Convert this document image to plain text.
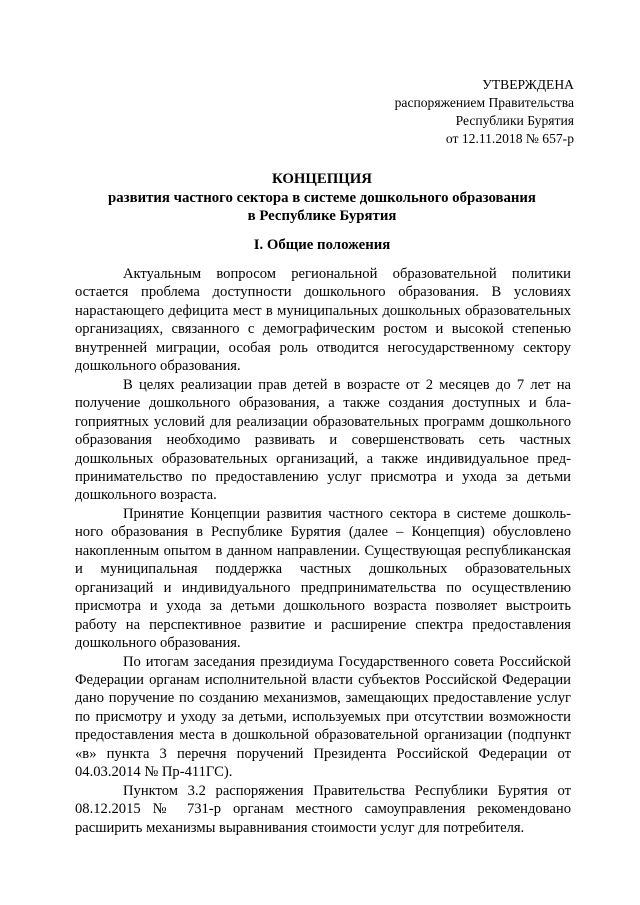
УТВЕРЖДЕНА
распоряжением Правительства
Республики Бурятия
от 12.11.2018 № 657-р
КОНЦЕПЦИЯ
развития частного сектора в системе дошкольного образования
в Республике Бурятия
I. Общие положения

Актуальным вопросом региональной образовательной политики остается проблема доступности дошкольного образования. В условиях нарастающего дефицита мест в муниципальных дошкольных образовательных организациях, связанного с демографическим ростом и высокой степенью внутренней миграции, особая роль отводится негосударственному сектору дошкольного образования.

В целях реализации прав детей в возрасте от 2 месяцев до 7 лет на получение дошкольного образования, а также создания доступных и благоприятных условий для реализации образовательных программ дошкольного образования необходимо развивать и совершенствовать сеть частных дошкольных образовательных организаций, а также индивидуальное предпринимательство по предоставлению услуг присмотра и ухода за детьми дошкольного возраста.

Принятие Концепции развития частного сектора в системе дошкольного образования в Республике Бурятия (далее – Концепция) обусловлено накопленным опытом в данном направлении. Существующая республиканская и муниципальная поддержка частных дошкольных образовательных организаций и индивидуального предпринимательства по осуществлению присмотра и ухода за детьми дошкольного возраста позволяет выстроить работу на перспективное развитие и расширение спектра предоставления дошкольного образования.

По итогам заседания президиума Государственного совета Российской Федерации органам исполнительной власти субъектов Российской Федерации дано поручение по созданию механизмов, замещающих предоставление услуг по присмотру и уходу за детьми, используемых при отсутствии возможности предоставления места в дошкольной образовательной организации (подпункт «в» пункта 3 перечня поручений Президента Российской Федерации от 04.03.2014 № Пр-411ГС).

Пунктом 3.2 распоряжения Правительства Республики Бурятия от 08.12.2015 № 731-р органам местного самоуправления рекомендовано расширить механизмы выравнивания стоимости услуг для потребителя.
